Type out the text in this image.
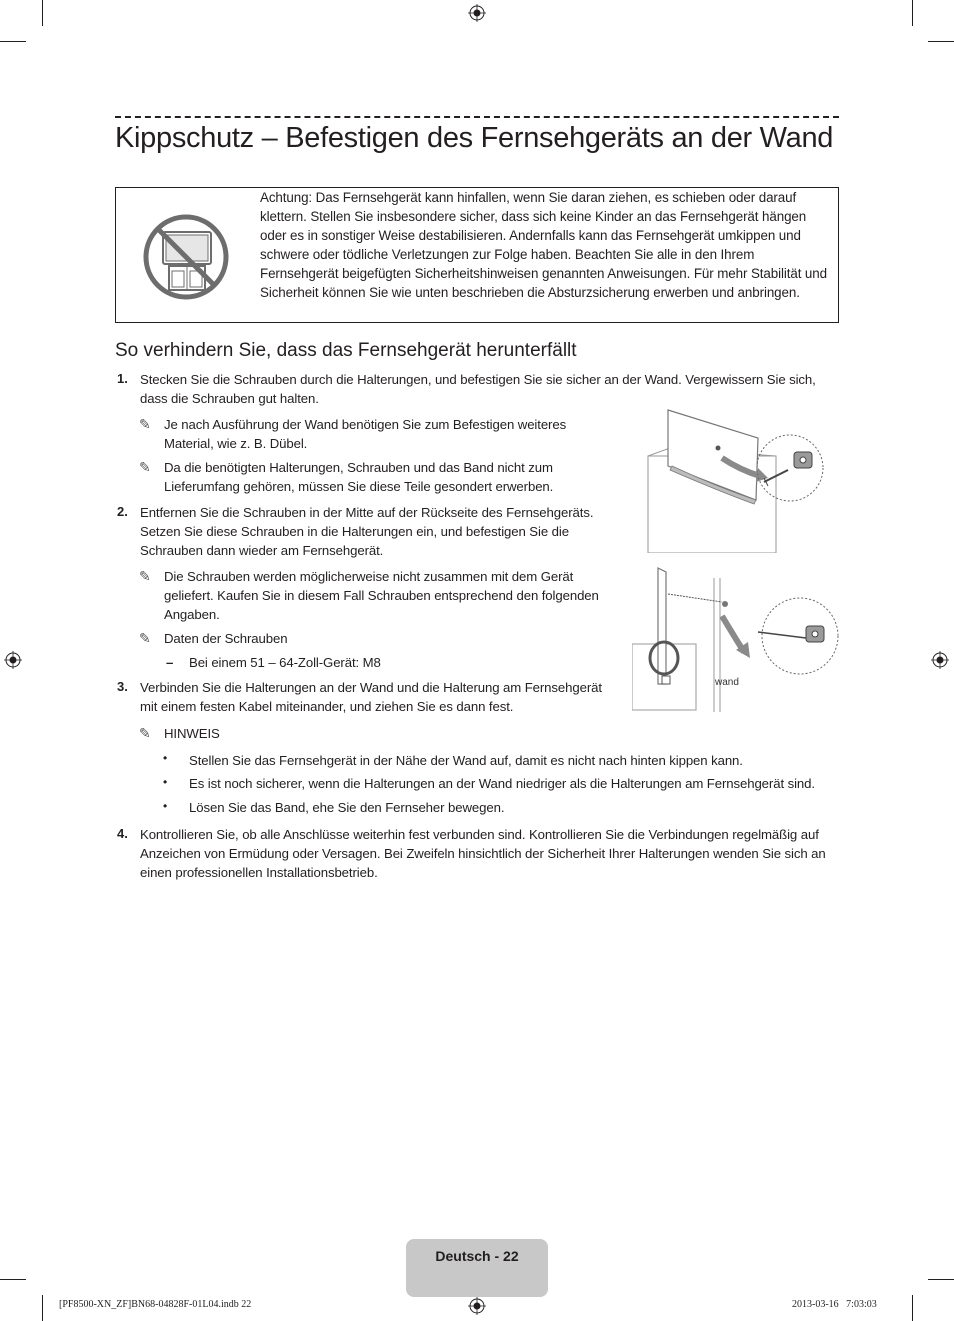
Kippschutz – Befestigen des Fernsehgeräts an der Wand
Achtung: Das Fernsehgerät kann hinfallen, wenn Sie daran ziehen, es schieben oder darauf klettern. Stellen Sie insbesondere sicher, dass sich keine Kinder an das Fernsehgerät hängen oder es in sonstiger Weise destabilisieren. Andernfalls kann das Fernsehgerät umkippen und schwere oder tödliche Verletzungen zur Folge haben. Beachten Sie alle in den Ihrem Fernsehgerät beigefügten Sicherheitshinweisen genannten Anweisungen. Für mehr Stabilität und Sicherheit können Sie wie unten beschrieben die Absturzsicherung erwerben und anbringen.
So verhindern Sie, dass das Fernsehgerät herunterfällt
1. Stecken Sie die Schrauben durch die Halterungen, und befestigen Sie sie sicher an der Wand. Vergewissern Sie sich, dass die Schrauben gut halten.
✎ Je nach Ausführung der Wand benötigen Sie zum Befestigen weiteres Material, wie z. B. Dübel.
✎ Da die benötigten Halterungen, Schrauben und das Band nicht zum Lieferumfang gehören, müssen Sie diese Teile gesondert erwerben.
2. Entfernen Sie die Schrauben in der Mitte auf der Rückseite des Fernsehgeräts. Setzen Sie diese Schrauben in die Halterungen ein, und befestigen Sie die Schrauben dann wieder am Fernsehgerät.
✎ Die Schrauben werden möglicherweise nicht zusammen mit dem Gerät geliefert. Kaufen Sie in diesem Fall Schrauben entsprechend den folgenden Angaben.
✎ Daten der Schrauben
– Bei einem 51 – 64-Zoll-Gerät: M8
3. Verbinden Sie die Halterungen an der Wand und die Halterung am Fernsehgerät mit einem festen Kabel miteinander, und ziehen Sie es dann fest.
✎ HINWEIS
• Stellen Sie das Fernsehgerät in der Nähe der Wand auf, damit es nicht nach hinten kippen kann.
• Es ist noch sicherer, wenn die Halterungen an der Wand niedriger als die Halterungen am Fernsehgerät sind.
• Lösen Sie das Band, ehe Sie den Fernseher bewegen.
4. Kontrollieren Sie, ob alle Anschlüsse weiterhin fest verbunden sind. Kontrollieren Sie die Verbindungen regelmäßig auf Anzeichen von Ermüdung oder Versagen. Bei Zweifeln hinsichtlich der Sicherheit Ihrer Halterungen wenden Sie sich an einen professionellen Installationsbetrieb.
wand
Deutsch - 22
[PF8500-XN_ZF]BN68-04828F-01L04.indb 22	2013-03-16   7:03:03
